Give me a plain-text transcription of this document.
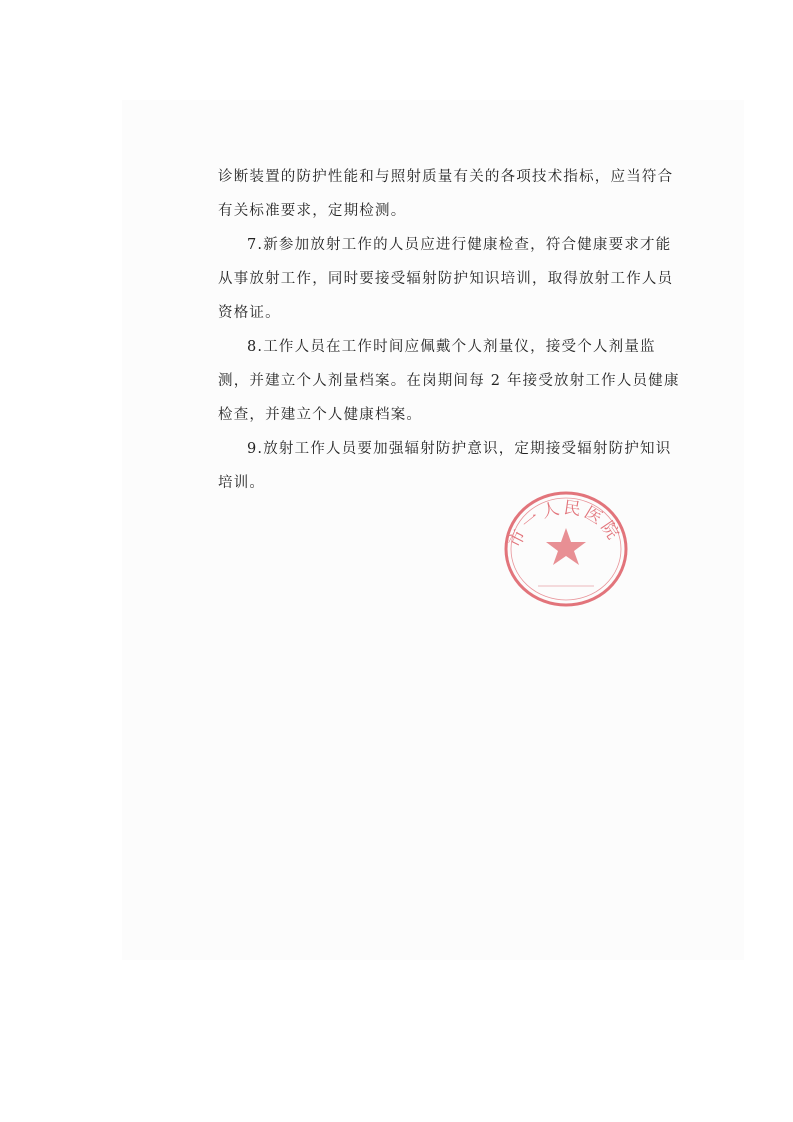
诊断装置的防护性能和与照射质量有关的各项技术指标，应当符合有关标准要求，定期检测。

7.新参加放射工作的人员应进行健康检查，符合健康要求才能从事放射工作，同时要接受辐射防护知识培训，取得放射工作人员资格证。

8.工作人员在工作时间应佩戴个人剂量仪，接受个人剂量监测，并建立个人剂量档案。在岗期间每 2 年接受放射工作人员健康检查，并建立个人健康档案。

9.放射工作人员要加强辐射防护意识，定期接受辐射防护知识培训。

市一人民医院
